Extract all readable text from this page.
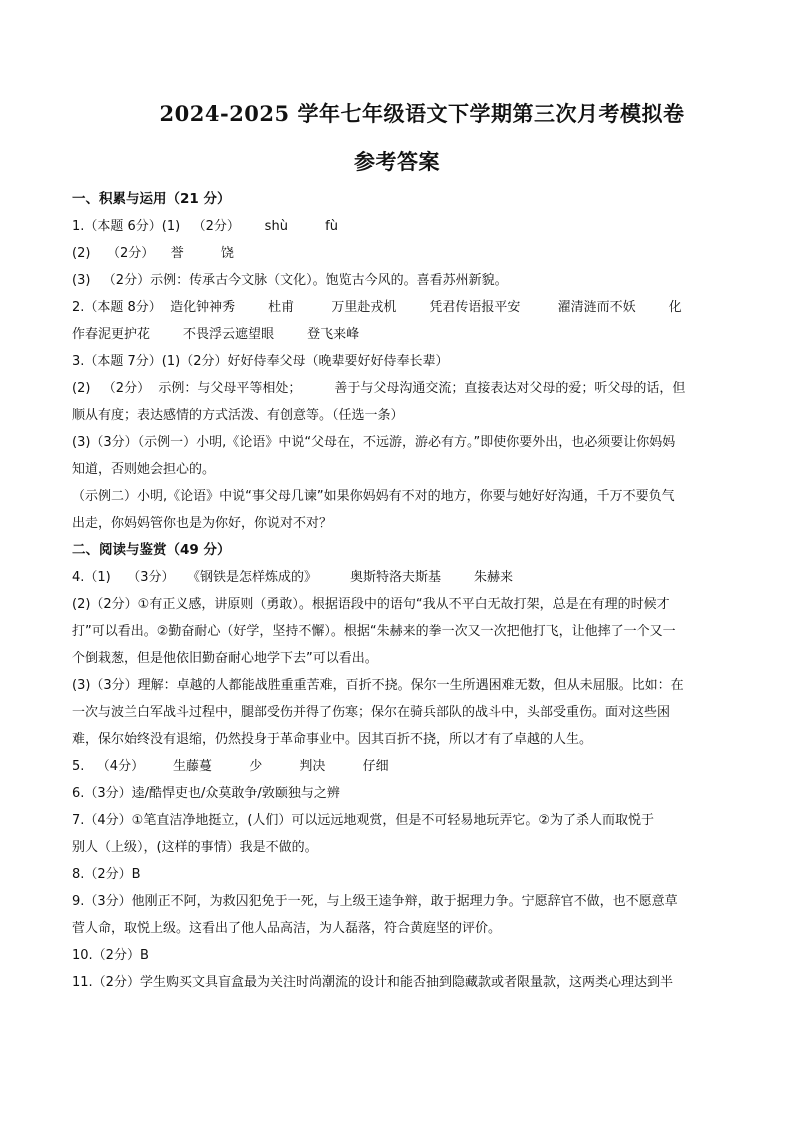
2024-2025 学年七年级语文下学期第三次月考模拟卷
参考答案
一、积累与运用（21 分）
1.（本题 6分）(1)   （2分）      shù         fù
(2)    （2分）    誉         饶
(3)   （2分）示例：传承古今文脉（文化）。饱览古今风的。喜看苏州新貌。
2.（本题 8分）  造化钟神秀        杜甫         万里赴戎机        凭君传语报平安         濯清涟而不妖        化
作春泥更护花        不畏浮云遮望眼        登飞来峰
3.（本题 7分）(1)（2分）好好侍奉父母（晚辈要好好侍奉长辈）
(2)   （2分）  示例：与父母平等相处；        善于与父母沟通交流；直接表达对父母的爱；听父母的话，但
顺从有度；表达感情的方式活泼、有创意等。（任选一条）
(3)（3分）（示例一）小明,《论语》中说“父母在，不远游，游必有方。”即使你要外出，也必须要让你妈妈
知道，否则她会担心的。
（示例二）小明,《论语》中说“事父母几谏”如果你妈妈有不对的地方，你要与她好好沟通，千万不要负气
出走，你妈妈管你也是为你好，你说对不对？
二、阅读与鉴赏（49 分）
4.（1)    （3分）   《钢铁是怎样炼成的》        奥斯特洛夫斯基        朱赫来
(2)（2分）①有正义感，讲原则（勇敢）。根据语段中的语句“我从不平白无故打架，总是在有理的时候才
打”可以看出。②勤奋耐心（好学，坚持不懈）。根据“朱赫来的拳一次又一次把他打飞，让他摔了一个又一
个倒栽葱，但是他依旧勤奋耐心地学下去”可以看出。
(3)（3分）理解：卓越的人都能战胜重重苦难，百折不挠。保尔一生所遇困难无数，但从未屈服。比如：在
一次与波兰白军战斗过程中，腿部受伤并得了伤寒；保尔在骑兵部队的战斗中，头部受重伤。面对这些困
难，保尔始终没有退缩，仍然投身于革命事业中。因其百折不挠，所以才有了卓越的人生。
5.   （4分）       生藤蔓         少         判决         仔细
6.（3分）逵/酷悍吏也/众莫敢争/敦颐独与之辨
7.（4分）①笔直洁净地挺立，(人们）可以远远地观赏，但是不可轻易地玩弄它。②为了杀人而取悦于
别人（上级），(这样的事情）我是不做的。
8.（2分）B
9.（3分）他刚正不阿，为救囚犯免于一死，与上级王逵争辩，敢于据理力争。宁愿辞官不做，也不愿意草
菅人命，取悦上级。这看出了他人品高洁，为人磊落，符合黄庭坚的评价。
10.（2分）B
11.（2分）学生购买文具盲盒最为关注时尚潮流的设计和能否抽到隐藏款或者限量款，这两类心理达到半
